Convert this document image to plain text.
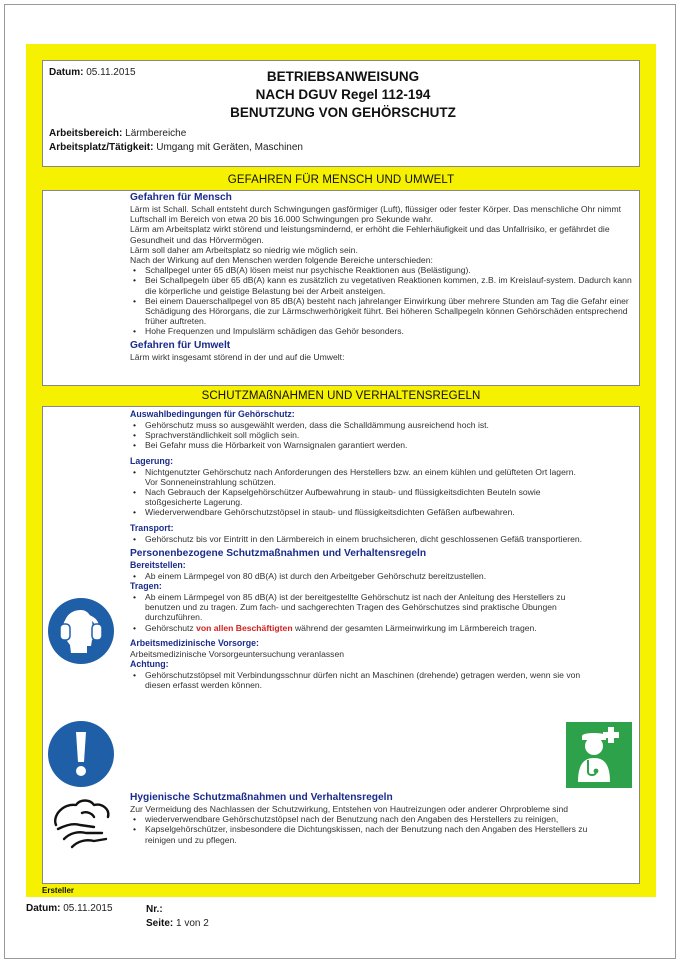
Datum: 05.11.2015	BETRIEBSANWEISUNG
NACH DGUV Regel 112-194
BENUTZUNG VON GEHÖRSCHUTZ
Arbeitsbereich: Lärmbereiche
Arbeitsplatz/Tätigkeit: Umgang mit Geräten, Maschinen
GEFAHREN FÜR MENSCH UND UMWELT
Gefahren für Mensch
Lärm ist Schall. Schall entsteht durch Schwingungen gasförmiger (Luft), flüssiger oder fester Körper. Das menschliche Ohr nimmt Luftschall im Bereich von etwa 20 bis 16.000 Schwingungen pro Sekunde wahr.
Lärm am Arbeitsplatz wirkt störend und leistungsmindernd, er erhöht die Fehlerhäufigkeit und das Unfallrisiko, er gefährdet die Gesundheit und das Hörvermögen.
Lärm soll daher am Arbeitsplatz so niedrig wie möglich sein.
Nach der Wirkung auf den Menschen werden folgende Bereiche unterschieden:
• Schallpegel unter 65 dB(A) lösen meist nur psychische Reaktionen aus (Belästigung).
• Bei Schallpegeln über 65 dB(A) kann es zusätzlich zu vegetativen Reaktionen kommen, z.B. im Kreislauf-system. Dadurch kann die körperliche und geistige Belastung bei der Arbeit ansteigen.
• Bei einem Dauerschallpegel von 85 dB(A) besteht nach jahrelanger Einwirkung über mehrere Stunden am Tag die Gefahr einer Schädigung des Hörorgans, die zur Lärmschwerhörigkeit führt. Bei höheren Schallpegeln können Gehörschäden entsprechend früher auftreten.
• Hohe Frequenzen und Impulslärm schädigen das Gehör besonders.
Gefahren für Umwelt
Lärm wirkt insgesamt störend in der und auf die Umwelt:
SCHUTZMAßNAHMEN UND VERHALTENSREGELN
Auswahlbedingungen für Gehörschutz:
• Gehörschutz muss so ausgewählt werden, dass die Schalldämmung ausreichend hoch ist.
• Sprachverständlichkeit soll möglich sein.
• Bei Gefahr muss die Hörbarkeit von Warnsignalen garantiert werden.
Lagerung:
• Nichtgenutzter Gehörschutz nach Anforderungen des Herstellers bzw. an einem kühlen und gelüfteten Ort lagern. Vor Sonneneinstrahlung schützen.
• Nach Gebrauch der Kapselgehörschützer Aufbewahrung in staub- und flüssigkeitsdichten Beuteln sowie stoßgesicherte Lagerung.
• Wiederverwendbare Gehörschutzstöpsel in staub- und flüssigkeitsdichten Gefäßen aufbewahren.
Transport:
• Gehörschutz bis vor Eintritt in den Lärmbereich in einem bruchsicheren, dicht geschlossenen Gefäß transportieren.
Personenbezogene Schutzmaßnahmen und Verhaltensregeln
Bereitstellen:
• Ab einem Lärmpegel von 80 dB(A) ist durch den Arbeitgeber Gehörschutz bereitzustellen.
Tragen:
• Ab einem Lärmpegel von 85 dB(A) ist der bereitgestellte Gehörschutz ist nach der Anleitung des Herstellers zu benutzen und zu tragen. Zum fach- und sachgerechten Tragen des Gehörschutzes sind praktische Übungen durchzuführen.
• Gehörschutz von allen Beschäftigten während der gesamten Lärmeinwirkung im Lärmbereich tragen.
Arbeitsmedizinische Vorsorge:
Arbeitsmedizinische Vorsorgeuntersuchung veranlassen
Achtung:
• Gehörschutzstöpsel mit Verbindungsschnur dürfen nicht an Maschinen (drehende) getragen werden, wenn sie von diesen erfasst werden können.
Hygienische Schutzmaßnahmen und Verhaltensregeln
Zur Vermeidung des Nachlassen der Schutzwirkung, Entstehen von Hautreizungen oder anderer Ohrprobleme sind
• wiederverwendbare Gehörschutzstöpsel nach der Benutzung nach den Angaben des Herstellers zu reinigen,
• Kapselgehörschützer, insbesondere die Dichtungskissen, nach der Benutzung nach den Angaben des Herstellers zu reinigen und zu pflegen.
Ersteller
Datum: 05.11.2015	Nr.:
Seite: 1 von 2
